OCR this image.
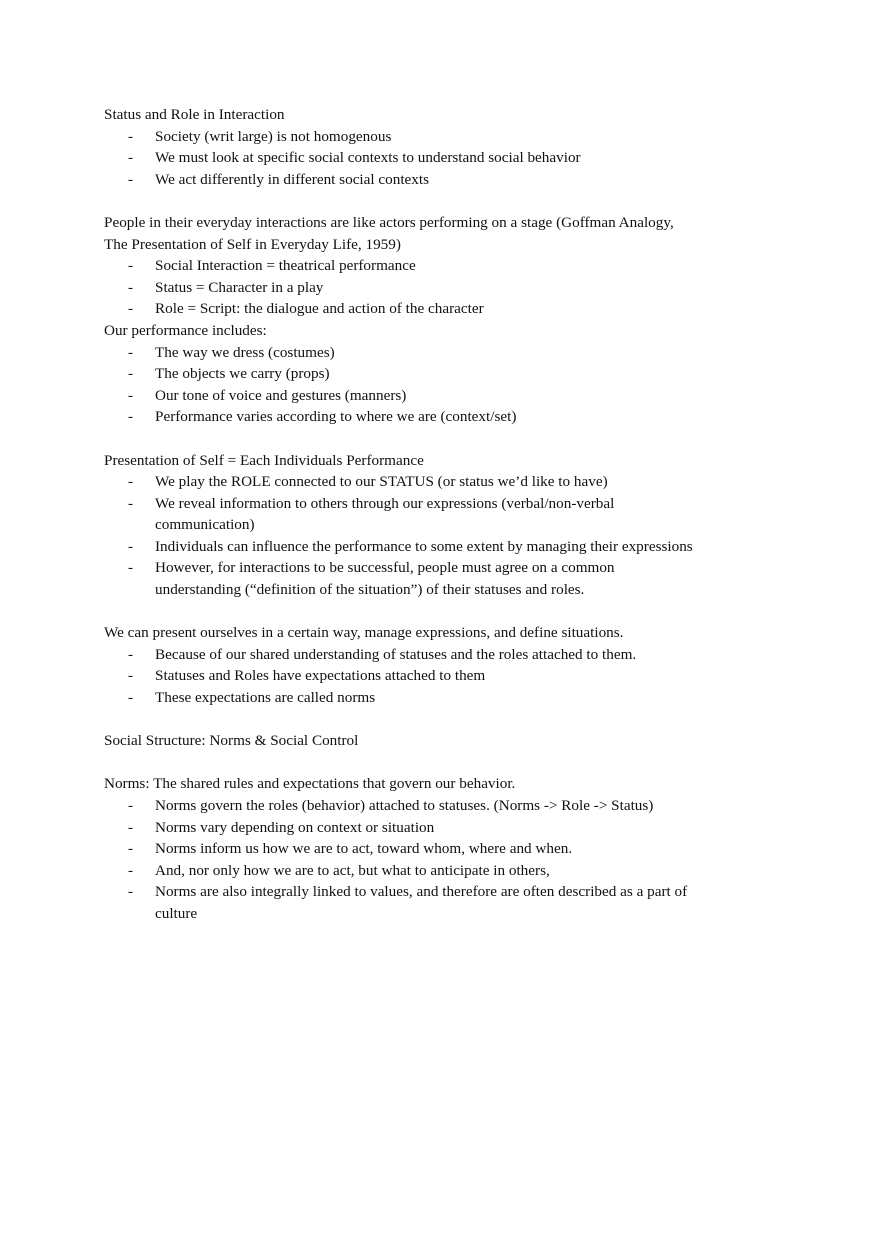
Status and Role in Interaction
- Society (writ large) is not homogenous
- We must look at specific social contexts to understand social behavior
- We act differently in different social contexts
People in their everyday interactions are like actors performing on a stage (Goffman Analogy,
The Presentation of Self in Everyday Life, 1959)
- Social Interaction = theatrical performance
- Status = Character in a play
- Role = Script: the dialogue and action of the character
Our performance includes:
- The way we dress (costumes)
- The objects we carry (props)
- Our tone of voice and gestures (manners)
- Performance varies according to where we are (context/set)
Presentation of Self = Each Individuals Performance
- We play the ROLE connected to our STATUS (or status we’d like to have)
- We reveal information to others through our expressions (verbal/non-verbal communication)
- Individuals can influence the performance to some extent by managing their expressions
- However, for interactions to be successful, people must agree on a common understanding (“definition of the situation”) of their statuses and roles.
We can present ourselves in a certain way, manage expressions, and define situations.
- Because of our shared understanding of statuses and the roles attached to them.
- Statuses and Roles have expectations attached to them
- These expectations are called norms
Social Structure: Norms & Social Control
Norms: The shared rules and expectations that govern our behavior.
- Norms govern the roles (behavior) attached to statuses. (Norms -> Role -> Status)
- Norms vary depending on context or situation
- Norms inform us how we are to act, toward whom, where and when.
- And, nor only how we are to act, but what to anticipate in others,
- Norms are also integrally linked to values, and therefore are often described as a part of culture
